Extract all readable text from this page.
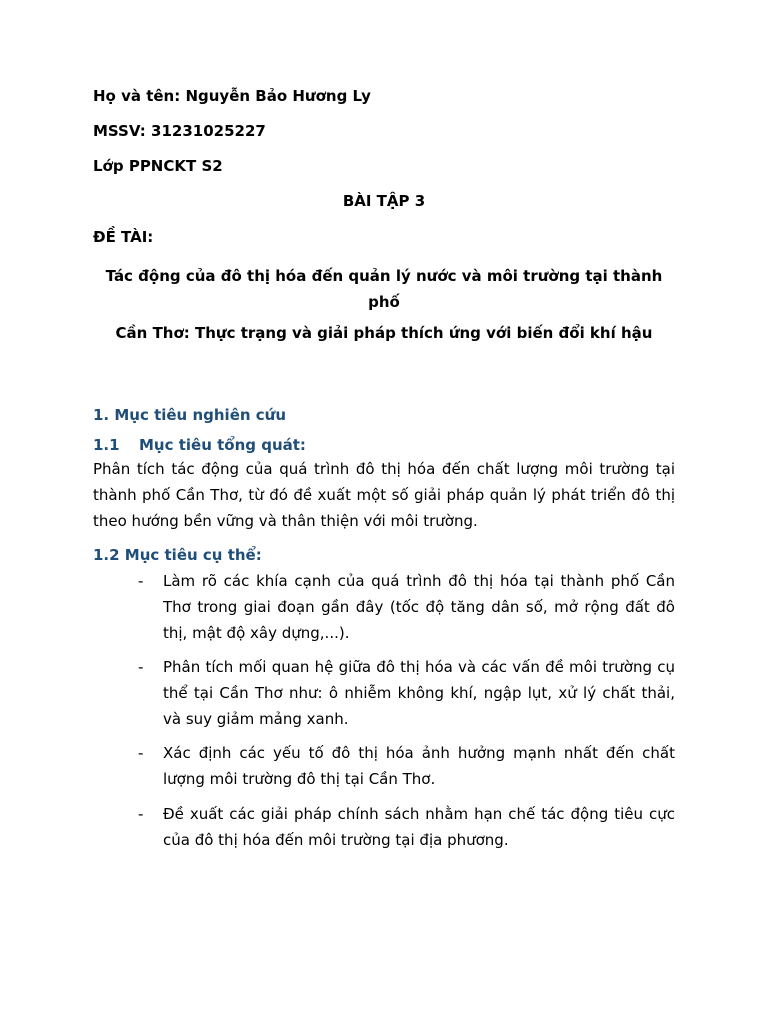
Họ và tên: Nguyễn Bảo Hương Ly
MSSV: 31231025227
Lớp PPNCKT S2
BÀI TẬP 3
ĐỀ TÀI:
Tác động của đô thị hóa đến quản lý nước và môi trường tại thành phố
Cần Thơ: Thực trạng và giải pháp thích ứng với biến đổi khí hậu
1. Mục tiêu nghiên cứu
1.1 Mục tiêu tổng quát:
Phân tích tác động của quá trình đô thị hóa đến chất lượng môi trường tại thành phố Cần Thơ, từ đó đề xuất một số giải pháp quản lý phát triển đô thị theo hướng bền vững và thân thiện với môi trường.
1.2 Mục tiêu cụ thể:
- Làm rõ các khía cạnh của quá trình đô thị hóa tại thành phố Cần Thơ trong giai đoạn gần đây (tốc độ tăng dân số, mở rộng đất đô thị, mật độ xây dựng,...).
- Phân tích mối quan hệ giữa đô thị hóa và các vấn đề môi trường cụ thể tại Cần Thơ như: ô nhiễm không khí, ngập lụt, xử lý chất thải, và suy giảm mảng xanh.
- Xác định các yếu tố đô thị hóa ảnh hưởng mạnh nhất đến chất lượng môi trường đô thị tại Cần Thơ.
- Đề xuất các giải pháp chính sách nhằm hạn chế tác động tiêu cực của đô thị hóa đến môi trường tại địa phương.
